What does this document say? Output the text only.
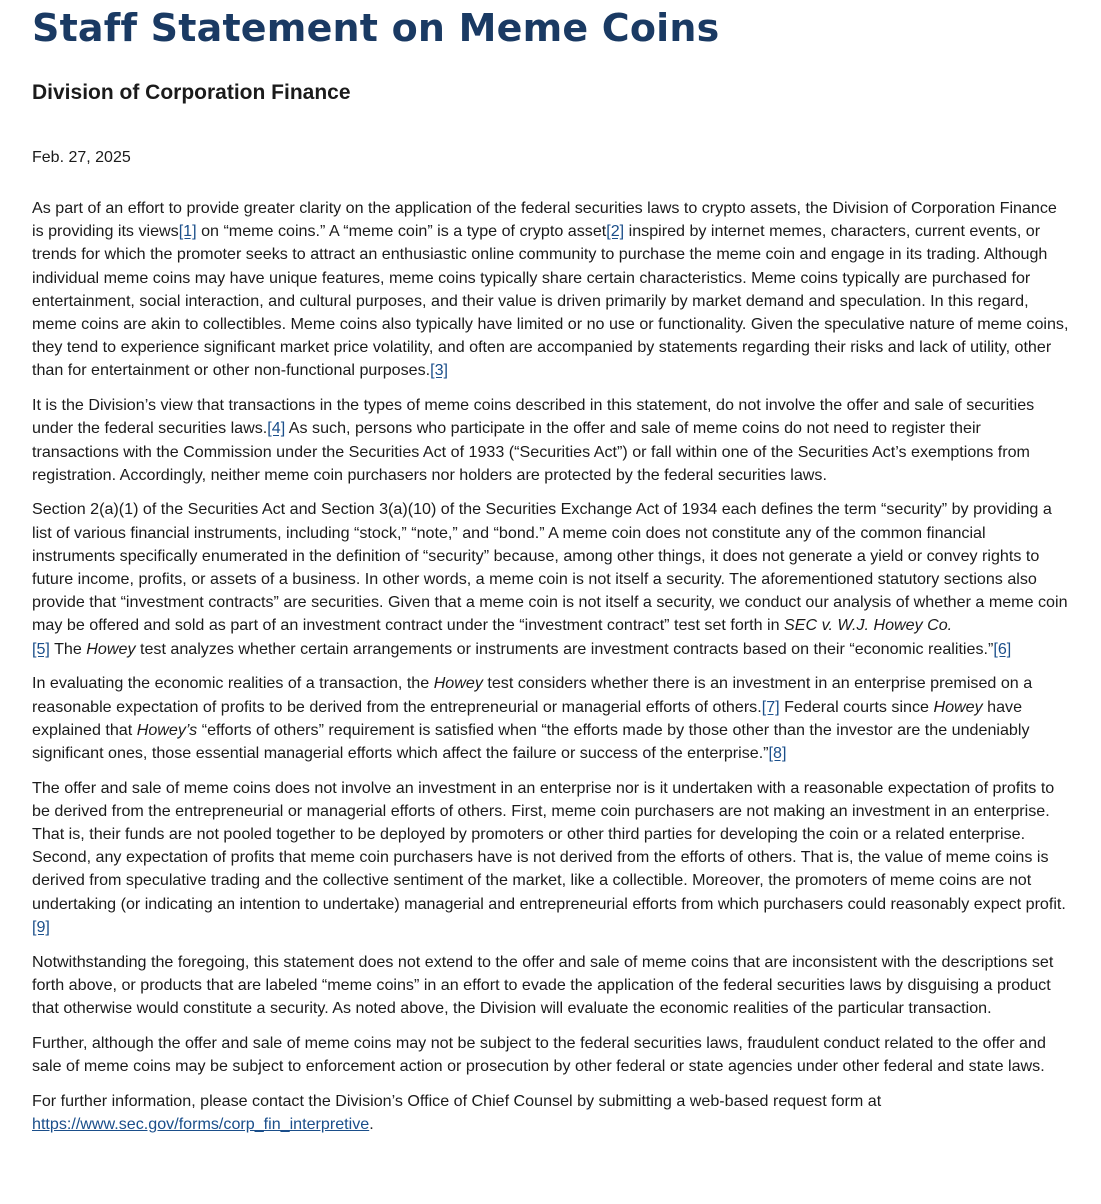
Staff Statement on Meme Coins
Division of Corporation Finance
Feb. 27, 2025

As part of an effort to provide greater clarity on the application of the federal securities laws to crypto assets, the Division of Corporation Finance is providing its views[1] on “meme coins.” A “meme coin” is a type of crypto asset[2] inspired by internet memes, characters, current events, or trends for which the promoter seeks to attract an enthusiastic online community to purchase the meme coin and engage in its trading. Although individual meme coins may have unique features, meme coins typically share certain characteristics. Meme coins typically are purchased for entertainment, social interaction, and cultural purposes, and their value is driven primarily by market demand and speculation. In this regard, meme coins are akin to collectibles. Meme coins also typically have limited or no use or functionality. Given the speculative nature of meme coins, they tend to experience significant market price volatility, and often are accompanied by statements regarding their risks and lack of utility, other than for entertainment or other non-functional purposes.[3]

It is the Division’s view that transactions in the types of meme coins described in this statement, do not involve the offer and sale of securities under the federal securities laws.[4] As such, persons who participate in the offer and sale of meme coins do not need to register their transactions with the Commission under the Securities Act of 1933 (“Securities Act”) or fall within one of the Securities Act’s exemptions from registration. Accordingly, neither meme coin purchasers nor holders are protected by the federal securities laws.

Section 2(a)(1) of the Securities Act and Section 3(a)(10) of the Securities Exchange Act of 1934 each defines the term “security” by providing a list of various financial instruments, including “stock,” “note,” and “bond.” A meme coin does not constitute any of the common financial instruments specifically enumerated in the definition of “security” because, among other things, it does not generate a yield or convey rights to future income, profits, or assets of a business. In other words, a meme coin is not itself a security. The aforementioned statutory sections also provide that “investment contracts” are securities. Given that a meme coin is not itself a security, we conduct our analysis of whether a meme coin may be offered and sold as part of an investment contract under the “investment contract” test set forth in SEC v. W.J. Howey Co.
[5] The Howey test analyzes whether certain arrangements or instruments are investment contracts based on their “economic realities.”[6]

In evaluating the economic realities of a transaction, the Howey test considers whether there is an investment in an enterprise premised on a reasonable expectation of profits to be derived from the entrepreneurial or managerial efforts of others.[7] Federal courts since Howey have explained that Howey’s “efforts of others” requirement is satisfied when “the efforts made by those other than the investor are the undeniably significant ones, those essential managerial efforts which affect the failure or success of the enterprise.”[8]

The offer and sale of meme coins does not involve an investment in an enterprise nor is it undertaken with a reasonable expectation of profits to be derived from the entrepreneurial or managerial efforts of others. First, meme coin purchasers are not making an investment in an enterprise. That is, their funds are not pooled together to be deployed by promoters or other third parties for developing the coin or a related enterprise. Second, any expectation of profits that meme coin purchasers have is not derived from the efforts of others. That is, the value of meme coins is derived from speculative trading and the collective sentiment of the market, like a collectible. Moreover, the promoters of meme coins are not undertaking (or indicating an intention to undertake) managerial and entrepreneurial efforts from which purchasers could reasonably expect profit.[9]

Notwithstanding the foregoing, this statement does not extend to the offer and sale of meme coins that are inconsistent with the descriptions set forth above, or products that are labeled “meme coins” in an effort to evade the application of the federal securities laws by disguising a product that otherwise would constitute a security. As noted above, the Division will evaluate the economic realities of the particular transaction.

Further, although the offer and sale of meme coins may not be subject to the federal securities laws, fraudulent conduct related to the offer and sale of meme coins may be subject to enforcement action or prosecution by other federal or state agencies under other federal and state laws.

For further information, please contact the Division’s Office of Chief Counsel by submitting a web-based request form at https://www.sec.gov/forms/corp_fin_interpretive.
